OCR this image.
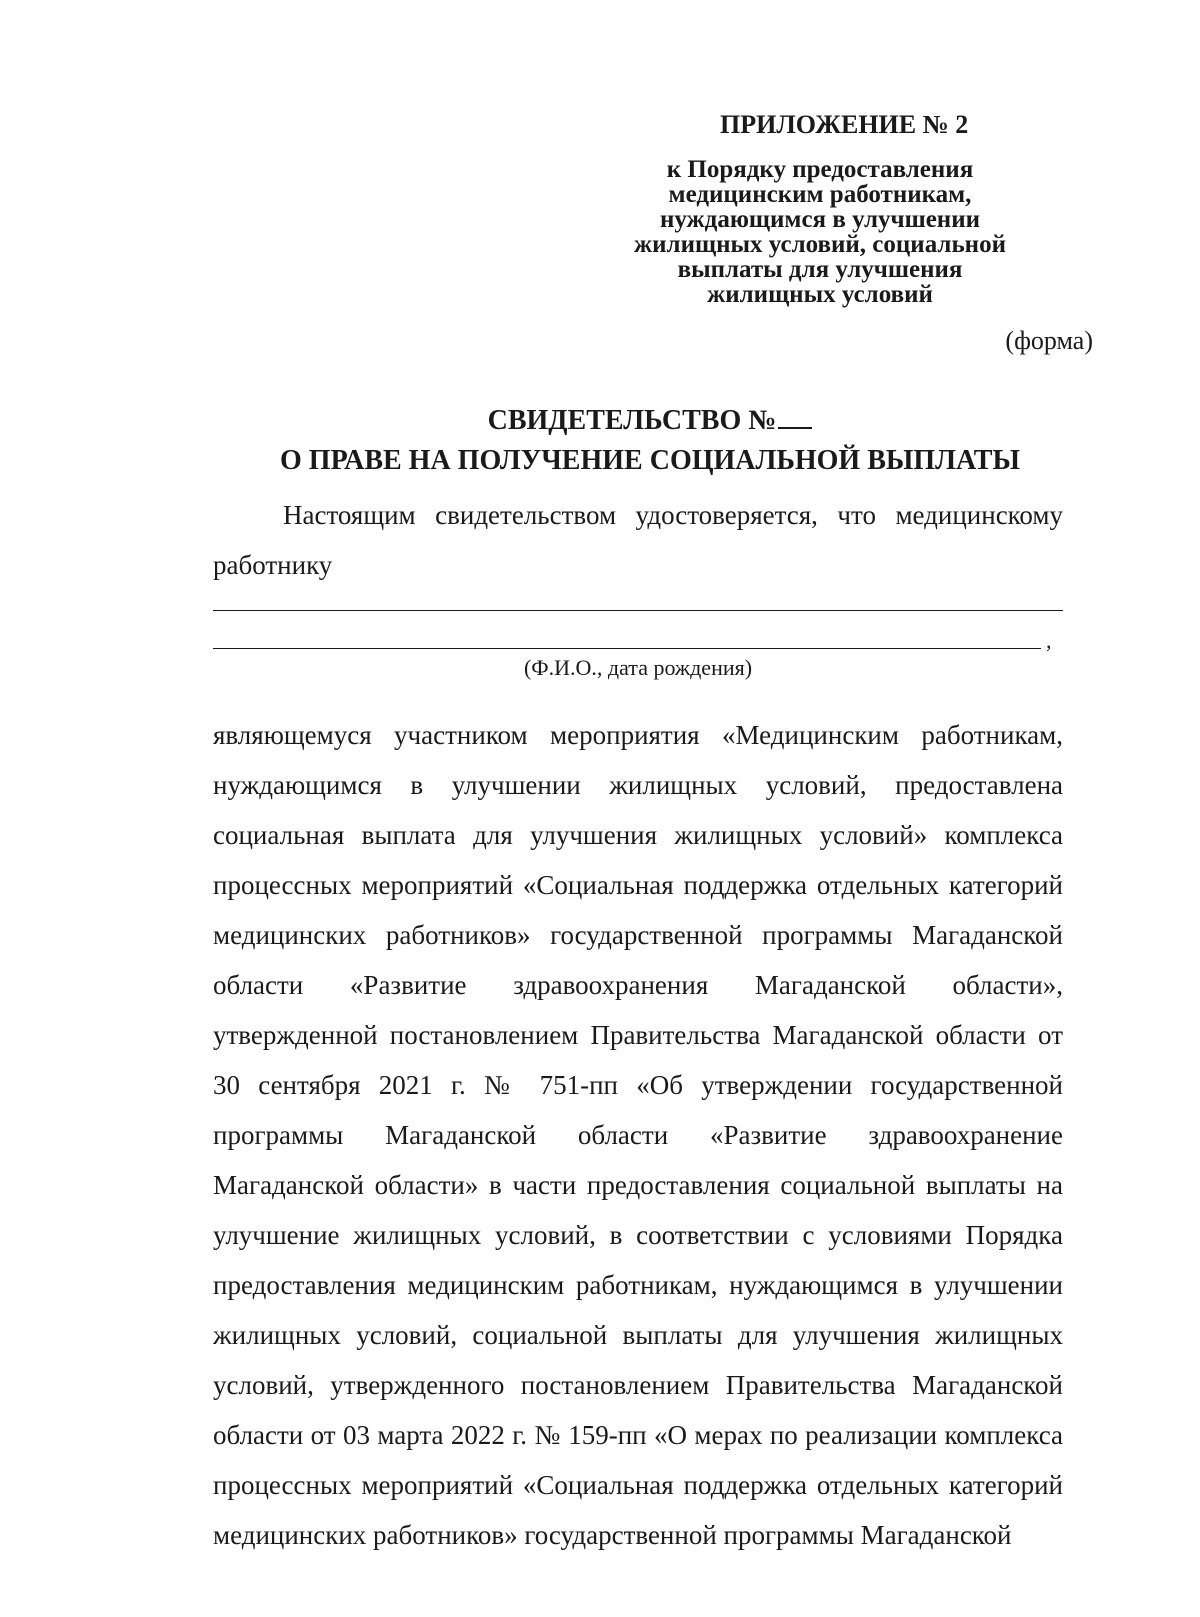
ПРИЛОЖЕНИЕ № 2
к Порядку предоставления
медицинским работникам,
нуждающимся в улучшении
жилищных условий, социальной
выплаты для улучшения
жилищных условий
(форма)
СВИДЕТЕЛЬСТВО №
О ПРАВЕ НА ПОЛУЧЕНИЕ СОЦИАЛЬНОЙ ВЫПЛАТЫ
Настоящим свидетельством удостоверяется, что медицинскому работнику
,
(Ф.И.О., дата рождения)
являющемуся участником мероприятия «Медицинским работникам, нуждающимся в улучшении жилищных условий, предоставлена социальная выплата для улучшения жилищных условий» комплекса процессных мероприятий «Социальная поддержка отдельных категорий медицинских работников» государственной программы Магаданской области «Развитие здравоохранения Магаданской области», утвержденной постановлением Правительства Магаданской области от 30 сентября 2021 г. № 751-пп «Об утверждении государственной программы Магаданской области «Развитие здравоохранение Магаданской области» в части предоставления социальной выплаты на улучшение жилищных условий, в соответствии с условиями Порядка предоставления медицинским работникам, нуждающимся в улучшении жилищных условий, социальной выплаты для улучшения жилищных условий, утвержденного постановлением Правительства Магаданской области от 03 марта 2022 г. № 159-пп «О мерах по реализации комплекса процессных мероприятий «Социальная поддержка отдельных категорий медицинских работников» государственной программы Магаданской
